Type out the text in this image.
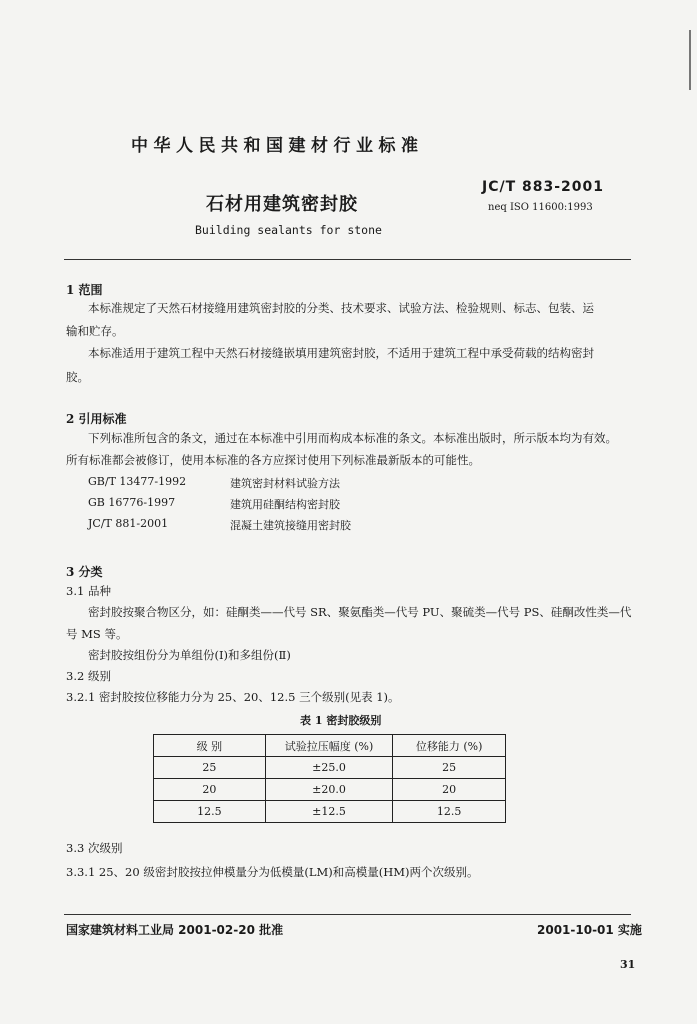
中华人民共和国建材行业标准
JC/T 883-2001
neq ISO 11600:1993
石材用建筑密封胶
Building sealants for stone
1 范围
本标准规定了天然石材接缝用建筑密封胶的分类、技术要求、试验方法、检验规则、标志、包装、运
输和贮存。
本标准适用于建筑工程中天然石材接缝嵌填用建筑密封胶，不适用于建筑工程中承受荷载的结构密封
胶。
2 引用标准
下列标准所包含的条文，通过在本标准中引用而构成本标准的条文。本标准出版时，所示版本均为有效。
所有标准都会被修订，使用本标准的各方应探讨使用下列标准最新版本的可能性。
GB/T 13477-1992	建筑密封材料试验方法
GB 16776-1997	建筑用硅酮结构密封胶
JC/T 881-2001	混凝土建筑接缝用密封胶
3 分类
3.1 品种
密封胶按聚合物区分，如：硅酮类——代号 SR、聚氨酯类—代号 PU、聚硫类—代号 PS、硅酮改性类—代
号 MS 等。
密封胶按组份分为单组份(Ⅰ)和多组份(Ⅱ)
3.2 级别
3.2.1 密封胶按位移能力分为 25、20、12.5 三个级别(见表 1)。
表 1 密封胶级别
级 别	试验拉压幅度 (%)	位移能力 (%)
25	±25.0	25
20	±20.0	20
12.5	±12.5	12.5
3.3 次级别
3.3.1 25、20 级密封胶按拉伸模量分为低模量(LM)和高模量(HM)两个次级别。
国家建筑材料工业局 2001-02-20 批准	2001-10-01 实施
31
